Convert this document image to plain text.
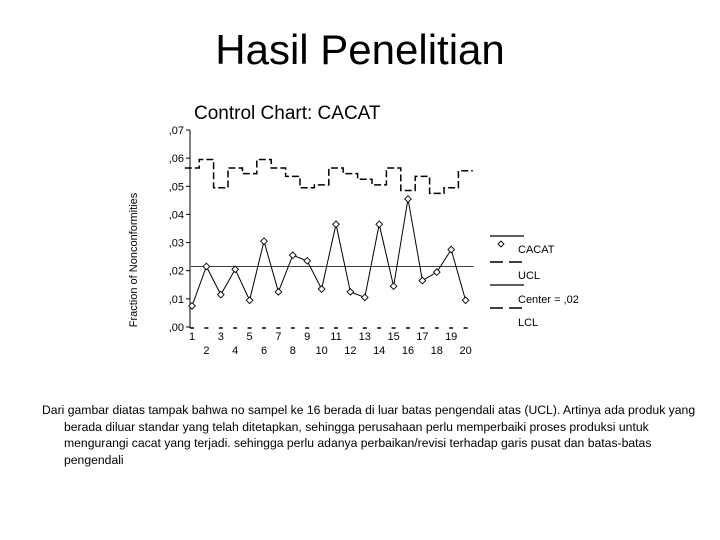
Hasil Penelitian
Control Chart: CACAT
Fraction of Nonconformities
,00
,01
,02
,03
,04
,05
,06
,07
1 3 5 7 9 11 13 15 17 19
2 4 6 8 10 12 14 16 18 20
CACAT
UCL
Center = ,02
LCL
Dari gambar diatas tampak bahwa no sampel ke 16 berada di luar batas pengendali atas (UCL). Artinya ada produk yang berada diluar standar yang telah ditetapkan, sehingga perusahaan perlu memperbaiki proses produksi untuk mengurangi cacat yang terjadi. sehingga perlu adanya perbaikan/revisi terhadap garis pusat dan batas-batas pengendali
